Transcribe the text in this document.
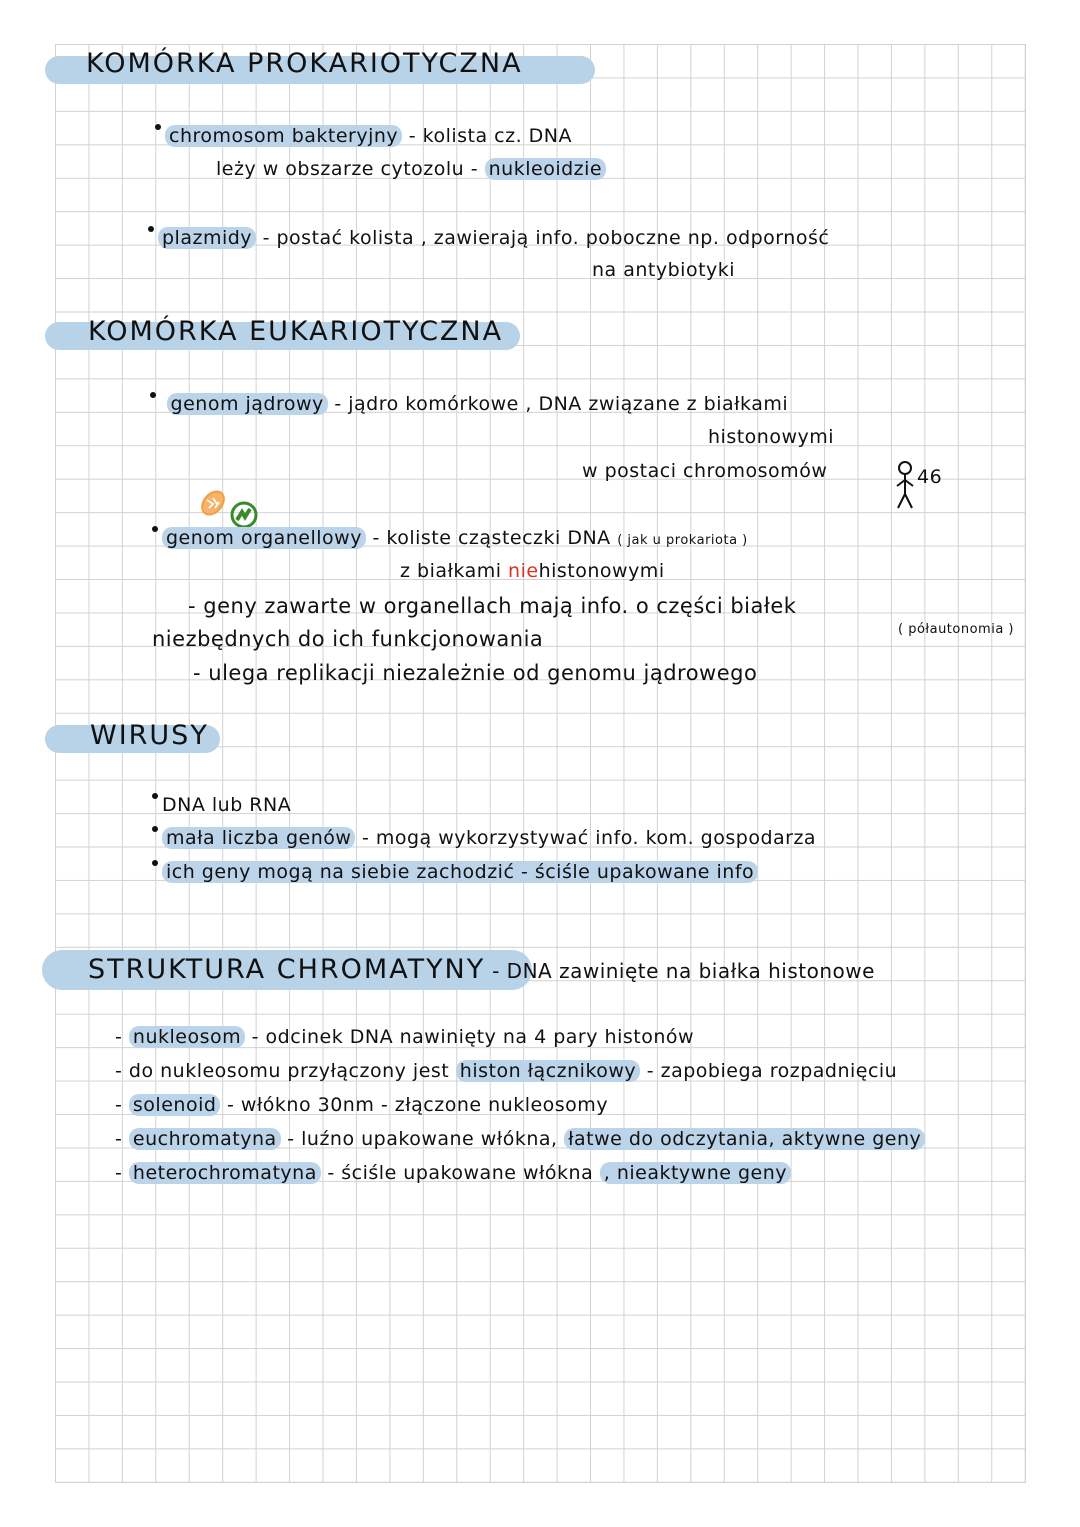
KOMÓRKA PROKARIOTYCZNA
chromosom bakteryjny - kolista cz. DNA
leży w obszarze cytozolu - nukleoidzie
plazmidy - postać kolista , zawierają info. poboczne np. odporność
na antybiotyki
KOMÓRKA EUKARIOTYCZNA
genom jądrowy - jądro komórkowe , DNA związane z białkami
histonowymi
w postaci chromosomów	46
genom organellowy - koliste cząsteczki DNA ( jak u prokariota )
z białkami niehistonowymi
- geny zawarte w organellach mają info. o części białek
niezbędnych do ich funkcjonowania	( półautonomia )
- ulega replikacji niezależnie od genomu jądrowego
WIRUSY
DNA lub RNA
mała liczba genów - mogą wykorzystywać info. kom. gospodarza
ich geny mogą na siebie zachodzić - ściśle upakowane info
STRUKTURA CHROMATYNY - DNA zawinięte na białka histonowe
- nukleosom - odcinek DNA nawinięty na 4 pary histonów
- do nukleosomu przyłączony jest histon łącznikowy - zapobiega rozpadnięciu
- solenoid - włókno 30nm - złączone nukleosomy
- euchromatyna - luźno upakowane włókna, łatwe do odczytania, aktywne geny
- heterochromatyna - ściśle upakowane włókna , nieaktywne geny
